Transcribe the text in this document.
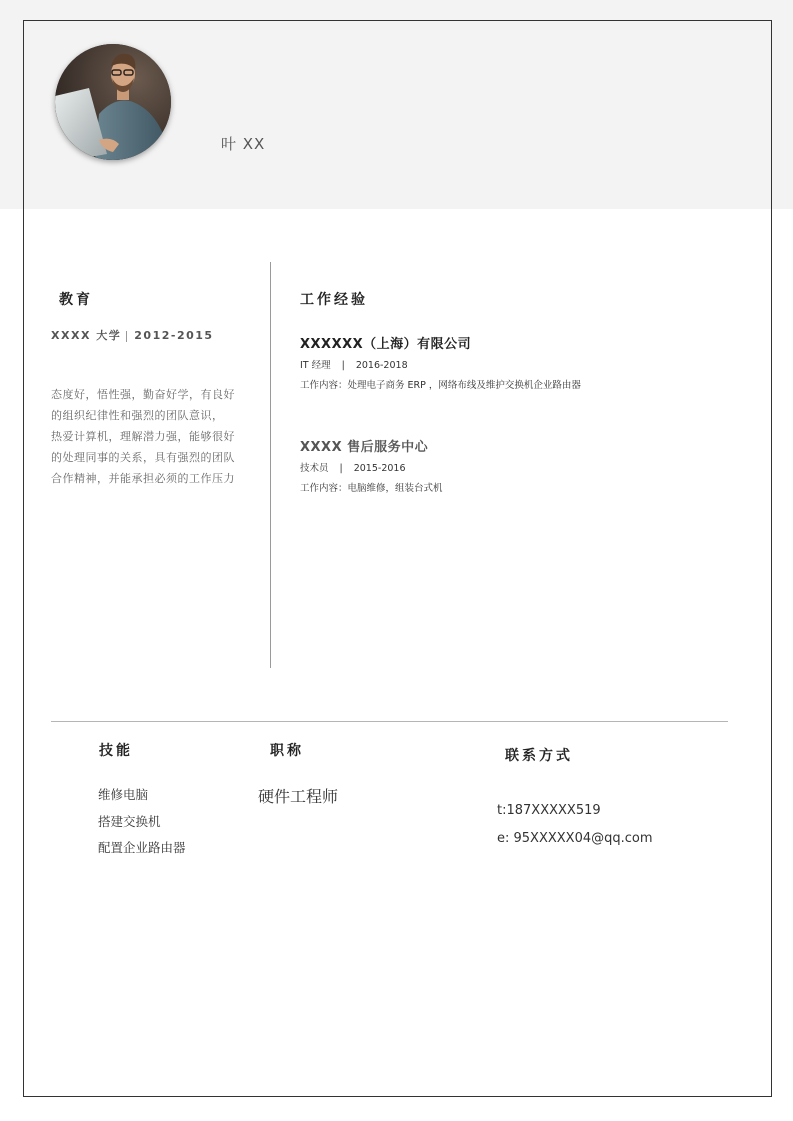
叶 XX
教育
XXXX 大学 2012-2015
态度好，悟性强，勤奋好学，有良好的组织纪律性和强烈的团队意识， 热爱计算机，理解潜力强，能够很好的处理同事的关系，具有强烈的团队合作精神，并能承担必须的工作压力
工作经验
XXXXXX（上海）有限公司
IT 经理 | 2016-2018
工作内容：处理电子商务 ERP ，网络布线及维护交换机企业路由器
XXXX 售后服务中心
技术员 | 2015-2016
工作内容：电脑维修，组装台式机
技能
维修电脑
搭建交换机
配置企业路由器
职称
硬件工程师
联系方式
t:187XXXXX519
e: 95XXXXX04@qq.com
